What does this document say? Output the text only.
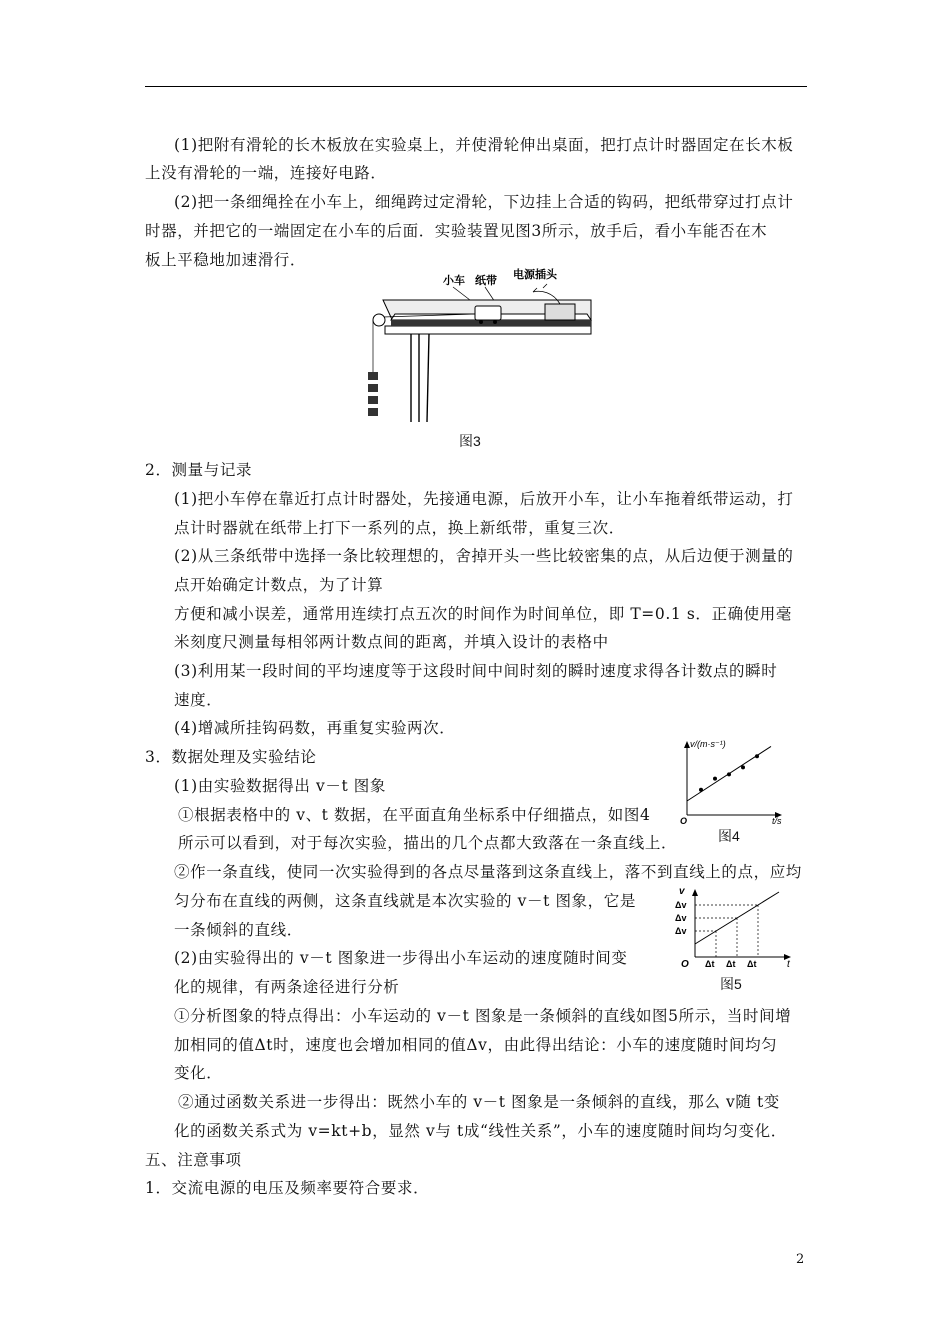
(1)把附有滑轮的长木板放在实验桌上，并使滑轮伸出桌面，把打点计时器固定在长木板
上没有滑轮的一端，连接好电路．
(2)把一条细绳拴在小车上，细绳跨过定滑轮，下边挂上合适的钩码，把纸带穿过打点计
时器，并把它的一端固定在小车的后面．实验装置见图3所示，放手后，看小车能否在木
板上平稳地加速滑行．
小车 纸带 电源插头
图3
2．测量与记录
(1)把小车停在靠近打点计时器处，先接通电源，后放开小车，让小车拖着纸带运动，打
点计时器就在纸带上打下一系列的点，换上新纸带，重复三次．
(2)从三条纸带中选择一条比较理想的，舍掉开头一些比较密集的点，从后边便于测量的
点开始确定计数点，为了计算
方便和减小误差，通常用连续打点五次的时间作为时间单位，即 T=0.1 s．正确使用毫
米刻度尺测量每相邻两计数点间的距离，并填入设计的表格中
(3)利用某一段时间的平均速度等于这段时间中间时刻的瞬时速度求得各计数点的瞬时
速度．
(4)增减所挂钩码数，再重复实验两次．
3．数据处理及实验结论
(1)由实验数据得出 v－t 图象
①根据表格中的 v、t 数据，在平面直角坐标系中仔细描点，如图4
所示可以看到，对于每次实验，描出的几个点都大致落在一条直线上．
②作一条直线，使同一次实验得到的各点尽量落到这条直线上，落不到直线上的点，应均
匀分布在直线的两侧，这条直线就是本次实验的 v－t 图象，它是
一条倾斜的直线．
(2)由实验得出的 v－t 图象进一步得出小车运动的速度随时间变
化的规律，有两条途径进行分析
①分析图象的特点得出：小车运动的 v－t 图象是一条倾斜的直线如图5所示，当时间增
加相同的值Δt时，速度也会增加相同的值Δv，由此得出结论：小车的速度随时间均匀
变化．
②通过函数关系进一步得出：既然小车的 v－t 图象是一条倾斜的直线，那么 v随 t变
化的函数关系式为 v=kt+b，显然 v与 t成“线性关系”，小车的速度随时间均匀变化．
五、注意事项
1．交流电源的电压及频率要符合要求．
v/(m·s⁻¹)
O	t/s
图4
v
O	t
Δv
Δv
Δv
Δt Δt Δt
图5
2
